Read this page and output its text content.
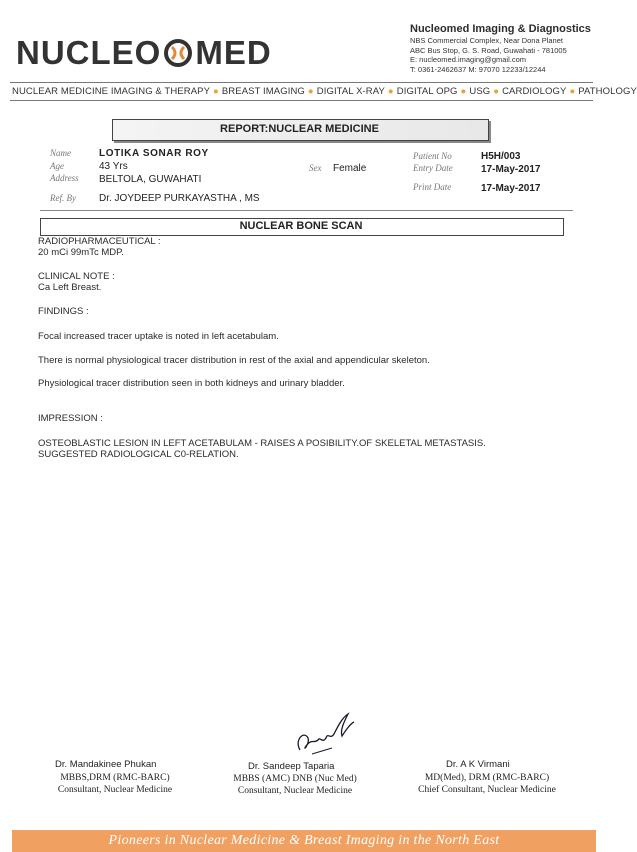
NUCLEO MED
Nucleomed Imaging & Diagnostics
NBS Commercial Complex, Near Dona Planet
ABC Bus Stop, G. S. Road, Guwahati - 781005
E: nucleomed.imaging@gmail.com
T: 0361-2462637 M: 97070 12233/12244
NUCLEAR MEDICINE IMAGING & THERAPY ● BREAST IMAGING ● DIGITAL X-RAY ● DIGITAL OPG ● USG ● CARDIOLOGY ● PATHOLOGY
REPORT:NUCLEAR MEDICINE
Name	LOTIKA SONAR ROY
Age	43 Yrs
Address BELTOLA, GUWAHATI
Sex Female
Patient No	H5H/003
Entry Date	17-May-2017
Print Date	17-May-2017
Ref. By Dr. JOYDEEP PURKAYASTHA , MS
NUCLEAR BONE SCAN
RADIOPHARMACEUTICAL :
20 mCi 99mTc MDP.
CLINICAL NOTE :
Ca Left Breast.
FINDINGS :
Focal increased tracer uptake is noted in left acetabulam.
There is normal physiological tracer distribution in rest of the axial and appendicular skeleton.
Physiological tracer distribution seen in both kidneys and urinary bladder.
IMPRESSION :
OSTEOBLASTIC LESION IN LEFT ACETABULAM - RAISES A POSIBILITY.OF SKELETAL METASTASIS.
SUGGESTED RADIOLOGICAL C0-RELATION.
Dr. Mandakinee Phukan
MBBS,DRM (RMC-BARC)
Consultant, Nuclear Medicine
Dr. Sandeep Taparia
MBBS (AMC) DNB (Nuc Med)
Consultant, Nuclear Medicine
Dr. A K Virmani
MD(Med), DRM (RMC-BARC)
Chief Consultant, Nuclear Medicine
Pioneers in Nuclear Medicine & Breast Imaging in the North East
